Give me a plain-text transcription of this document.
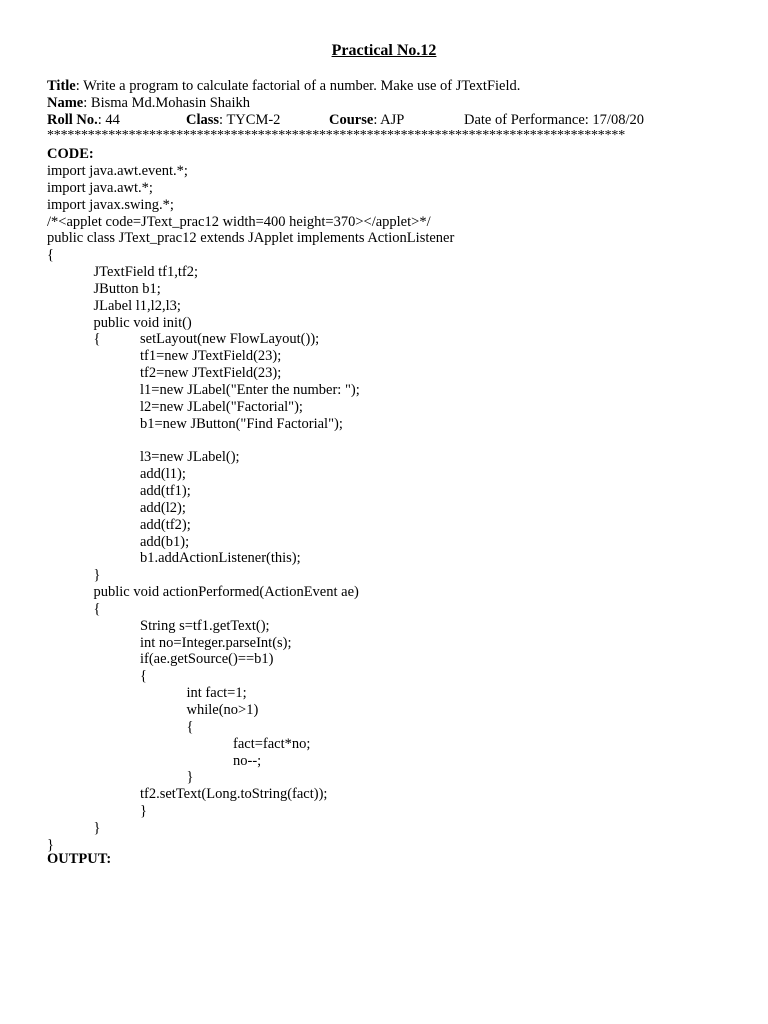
Practical No.12
Title: Write a program to calculate factorial of a number. Make use of JTextField.
Name: Bisma Md.Mohasin Shaikh
Roll No.: 44	Class: TYCM-2	Course: AJP	Date of Performance: 17/08/20
*************************************************************************************
CODE:
import java.awt.event.*;
import java.awt.*;
import javax.swing.*;
/*<applet code=JText_prac12 width=400 height=370></applet>*/
public class JText_prac12 extends JApplet implements ActionListener
{
JTextField tf1,tf2;
JButton b1;
JLabel l1,l2,l3;
public void init()
{	setLayout(new FlowLayout());
tf1=new JTextField(23);
tf2=new JTextField(23);
l1=new JLabel("Enter the number: ");
l2=new JLabel("Factorial");
b1=new JButton("Find Factorial");
l3=new JLabel();
add(l1);
add(tf1);
add(l2);
add(tf2);
add(b1);
b1.addActionListener(this);
}
public void actionPerformed(ActionEvent ae)
{
String s=tf1.getText();
int no=Integer.parseInt(s);
if(ae.getSource()==b1)
{
int fact=1;
while(no>1)
{
fact=fact*no;
no--;
}
tf2.setText(Long.toString(fact));
}
}
}
OUTPUT:
